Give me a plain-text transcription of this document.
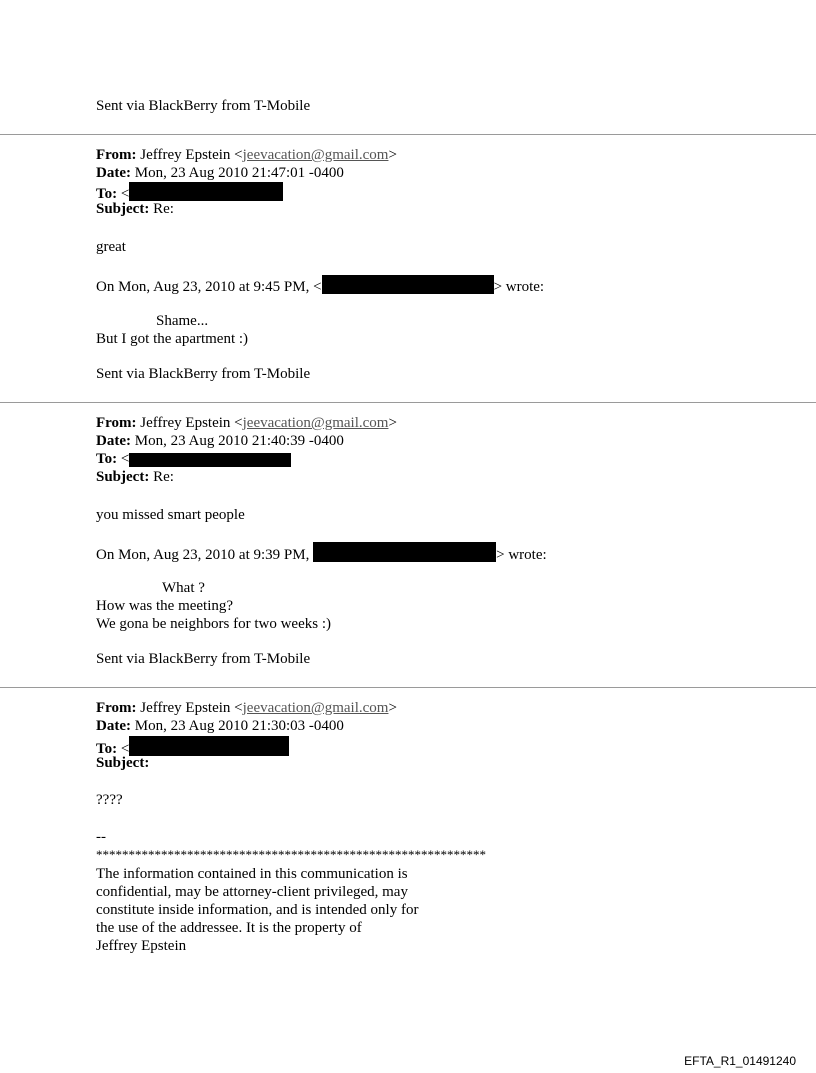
Sent via BlackBerry from T-Mobile
From: Jeffrey Epstein <jeevacation@gmail.com>
Date: Mon, 23 Aug 2010 21:47:01 -0400
To: <
Subject: Re:
great
On Mon, Aug 23, 2010 at 9:45 PM, <	> wrote:
Shame...
But I got the apartment :)
Sent via BlackBerry from T-Mobile
From: Jeffrey Epstein <jeevacation@gmail.com>
Date: Mon, 23 Aug 2010 21:40:39 -0400
To: <
Subject: Re:
you missed smart people
On Mon, Aug 23, 2010 at 9:39 PM,	> wrote:
What ?
How was the meeting?
We gona be neighbors for two weeks :)
Sent via BlackBerry from T-Mobile
From: Jeffrey Epstein <jeevacation@gmail.com>
Date: Mon, 23 Aug 2010 21:30:03 -0400
To: <
Subject:
????
--
************************************************************
The information contained in this communication is
confidential, may be attorney-client privileged, may
constitute inside information, and is intended only for
the use of the addressee. It is the property of
Jeffrey Epstein
EFTA_R1_01491240
